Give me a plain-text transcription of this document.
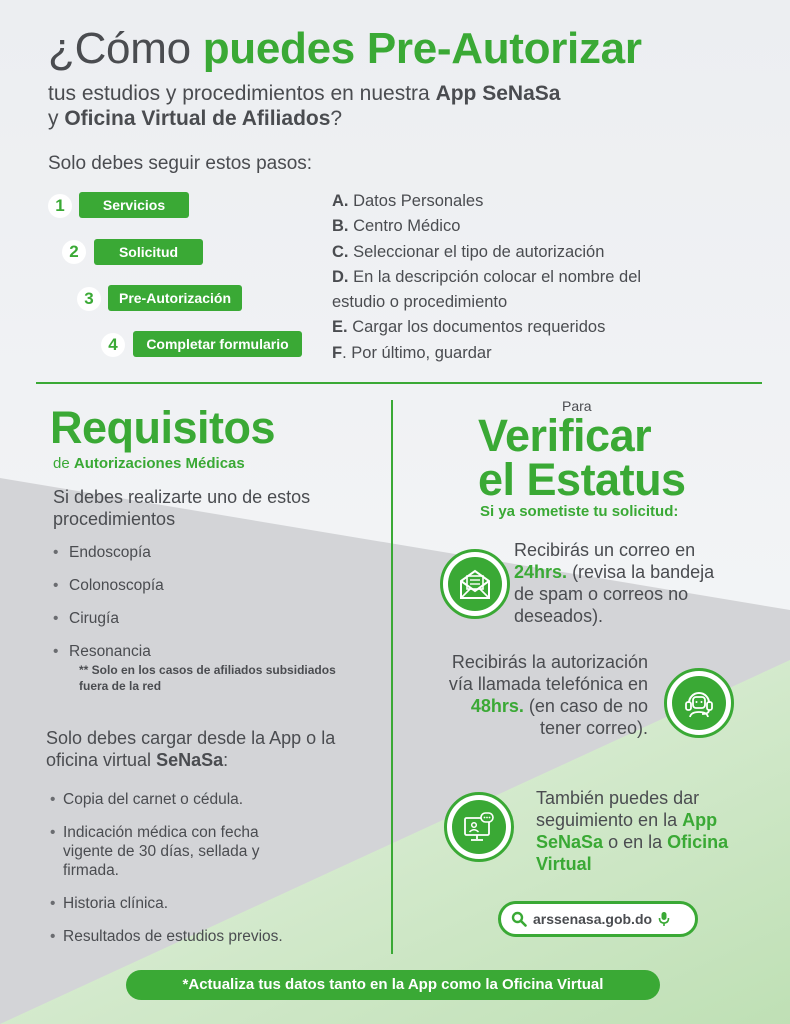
¿Cómo puedes Pre-Autorizar
tus estudios y procedimientos en nuestra App SeNaSa
y Oficina Virtual de Afiliados?
Solo debes seguir estos pasos:
1	Servicios
2	Solicitud
3	Pre-Autorización
4	Completar formulario
A. Datos Personales
B. Centro Médico
C. Seleccionar el tipo de autorización
D. En la descripción colocar el nombre del estudio o procedimiento
E. Cargar los documentos requeridos
F. Por último, guardar
Requisitos
de Autorizaciones Médicas
Si debes realizarte uno de estos procedimientos
• Endoscopía
• Colonoscopía
• Cirugía
• Resonancia
** Solo en los casos de afiliados subsidiados fuera de la red
Solo debes cargar desde la App o la oficina virtual SeNaSa:
• Copia del carnet o cédula.
• Indicación médica con fecha vigente de 30 días, sellada y firmada.
• Historia clínica.
• Resultados de estudios previos.
Para
Verificar
el Estatus
Si ya sometiste tu solicitud:
Recibirás un correo en 24hrs. (revisa la bandeja de spam o correos no deseados).
Recibirás la autorización vía llamada telefónica en 48hrs. (en caso de no tener correo).
También puedes dar seguimiento en la App SeNaSa o en la Oficina Virtual
arssenasa.gob.do
*Actualiza tus datos tanto en la App como la Oficina Virtual
